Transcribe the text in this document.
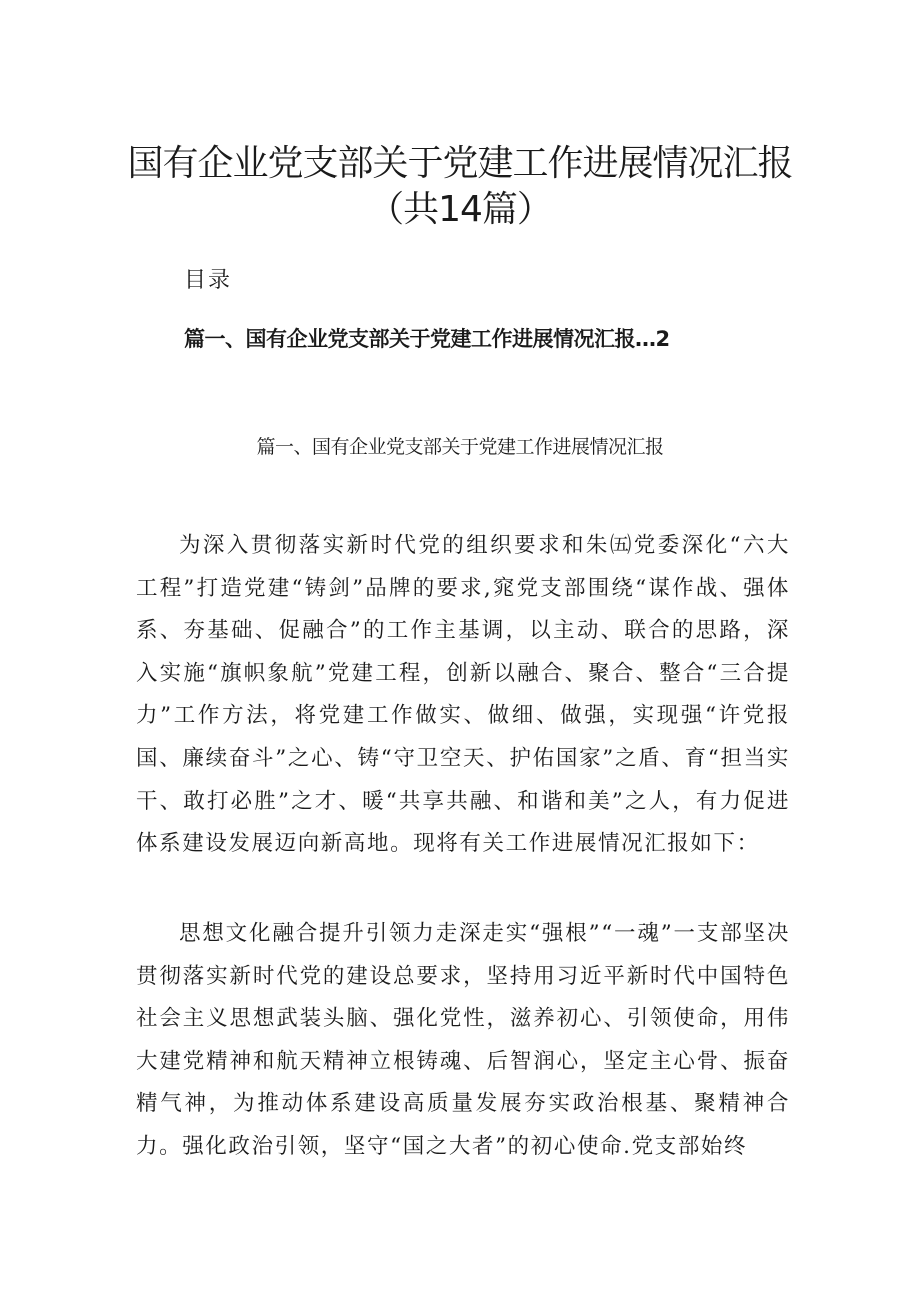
国有企业党支部关于党建工作进展情况汇报（共14篇）
目录
篇一、国有企业党支部关于党建工作进展情况汇报…2
篇一、国有企业党支部关于党建工作进展情况汇报

为深入贯彻落实新时代党的组织要求和朱㈤党委深化“六大工程”打造党建“铸剑”品牌的要求,窕党支部围绕“谋作战、强体系、夯基础、促融合”的工作主基调，以主动、联合的思路，深入实施“旗帜象航”党建工程，创新以融合、聚合、整合“三合提力”工作方法，将党建工作做实、做细、做强，实现强“许党报国、廉续奋斗”之心、铸“守卫空天、护佑国家”之盾、育“担当实干、敢打必胜”之才、暖“共享共融、和谐和美”之人，有力促进体系建设发展迈向新高地。现将有关工作进展情况汇报如下：

思想文化融合提升引领力走深走实“强根”“一魂”一支部坚决贯彻落实新时代党的建设总要求，坚持用习近平新时代中国特色社会主义思想武装头脑、强化党性，滋养初心、引领使命，用伟大建党精神和航天精神立根铸魂、后智润心，坚定主心骨、振奋精气神，为推动体系建设高质量发展夯实政治根基、聚精神合力。强化政治引领，坚守“国之大者”的初心使命.党支部始终
